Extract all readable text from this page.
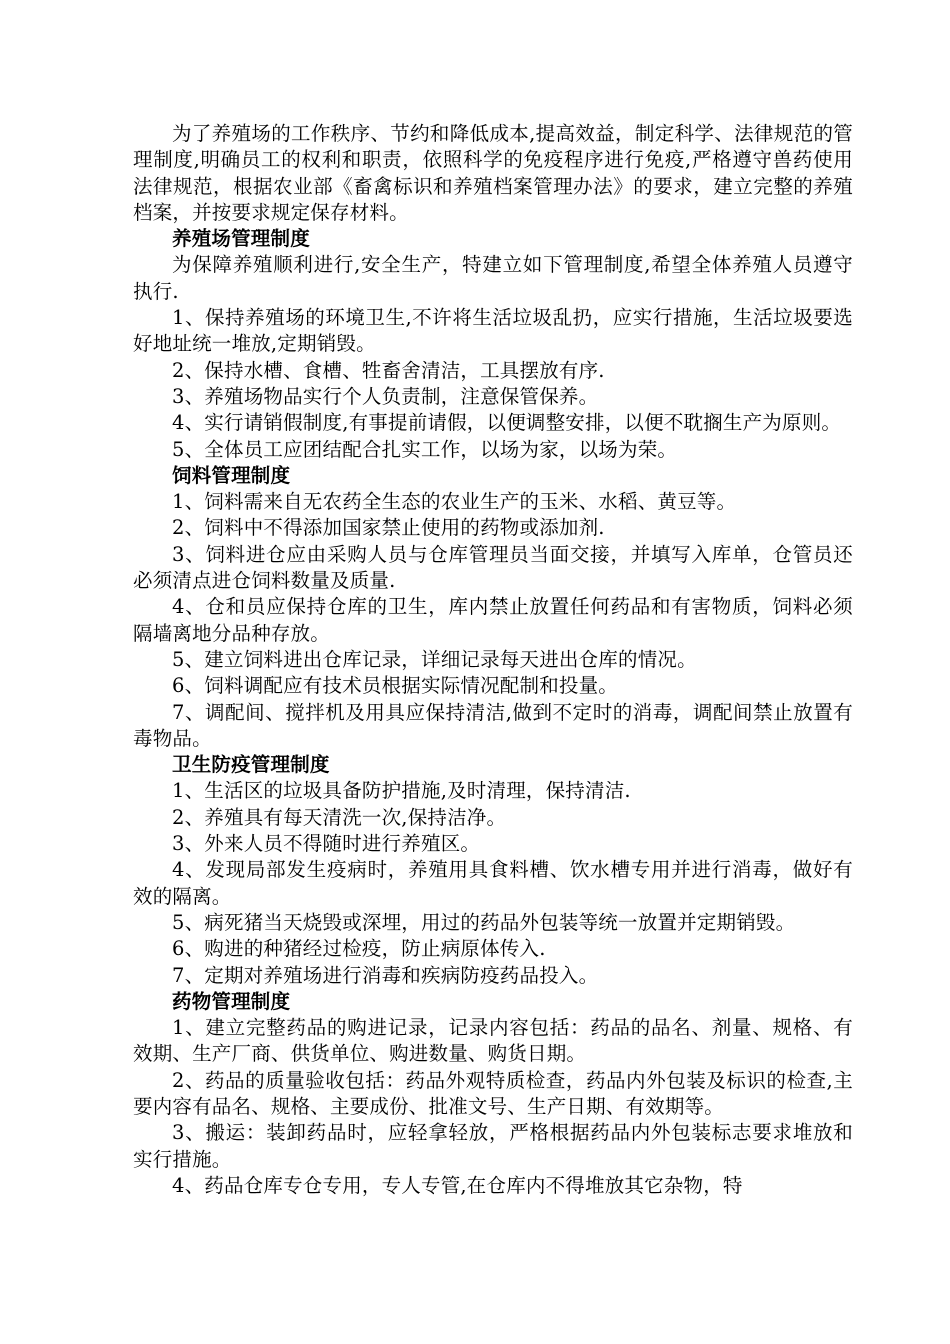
为了养殖场的工作秩序、节约和降低成本,提高效益，制定科学、法律规范的管理制度,明确员工的权利和职责，依照科学的免疫程序进行免疫,严格遵守兽药使用法律规范，根据农业部《畜禽标识和养殖档案管理办法》的要求，建立完整的养殖档案，并按要求规定保存材料。

养殖场管理制度

为保障养殖顺利进行,安全生产，特建立如下管理制度,希望全体养殖人员遵守执行.

1、保持养殖场的环境卫生,不许将生活垃圾乱扔，应实行措施，生活垃圾要选好地址统一堆放,定期销毁。

2、保持水槽、食槽、牲畜舍清洁，工具摆放有序.

3、养殖场物品实行个人负责制，注意保管保养。

4、实行请销假制度,有事提前请假，以便调整安排，以便不耽搁生产为原则。

5、全体员工应团结配合扎实工作，以场为家，以场为荣。

饲料管理制度

1、饲料需来自无农药全生态的农业生产的玉米、水稻、黄豆等。

2、饲料中不得添加国家禁止使用的药物或添加剂.

3、饲料进仓应由采购人员与仓库管理员当面交接，并填写入库单，仓管员还必须清点进仓饲料数量及质量.

4、仓和员应保持仓库的卫生，库内禁止放置任何药品和有害物质，饲料必须隔墙离地分品种存放。

5、建立饲料进出仓库记录，详细记录每天进出仓库的情况。

6、饲料调配应有技术员根据实际情况配制和投量。

7、调配间、搅拌机及用具应保持清洁,做到不定时的消毒，调配间禁止放置有毒物品。

卫生防疫管理制度

1、生活区的垃圾具备防护措施,及时清理，保持清洁.

2、养殖具有每天清洗一次,保持洁净。

3、外来人员不得随时进行养殖区。

4、发现局部发生疫病时，养殖用具食料槽、饮水槽专用并进行消毒，做好有效的隔离。

5、病死猪当天烧毁或深埋，用过的药品外包装等统一放置并定期销毁。

6、购进的种猪经过检疫，防止病原体传入.

7、定期对养殖场进行消毒和疾病防疫药品投入。

药物管理制度

1、建立完整药品的购进记录，记录内容包括：药品的品名、剂量、规格、有效期、生产厂商、供货单位、购进数量、购货日期。

2、药品的质量验收包括：药品外观特质检查，药品内外包装及标识的检查,主要内容有品名、规格、主要成份、批准文号、生产日期、有效期等。

3、搬运：装卸药品时，应轻拿轻放，严格根据药品内外包装标志要求堆放和实行措施。

4、药品仓库专仓专用，专人专管,在仓库内不得堆放其它杂物，特
